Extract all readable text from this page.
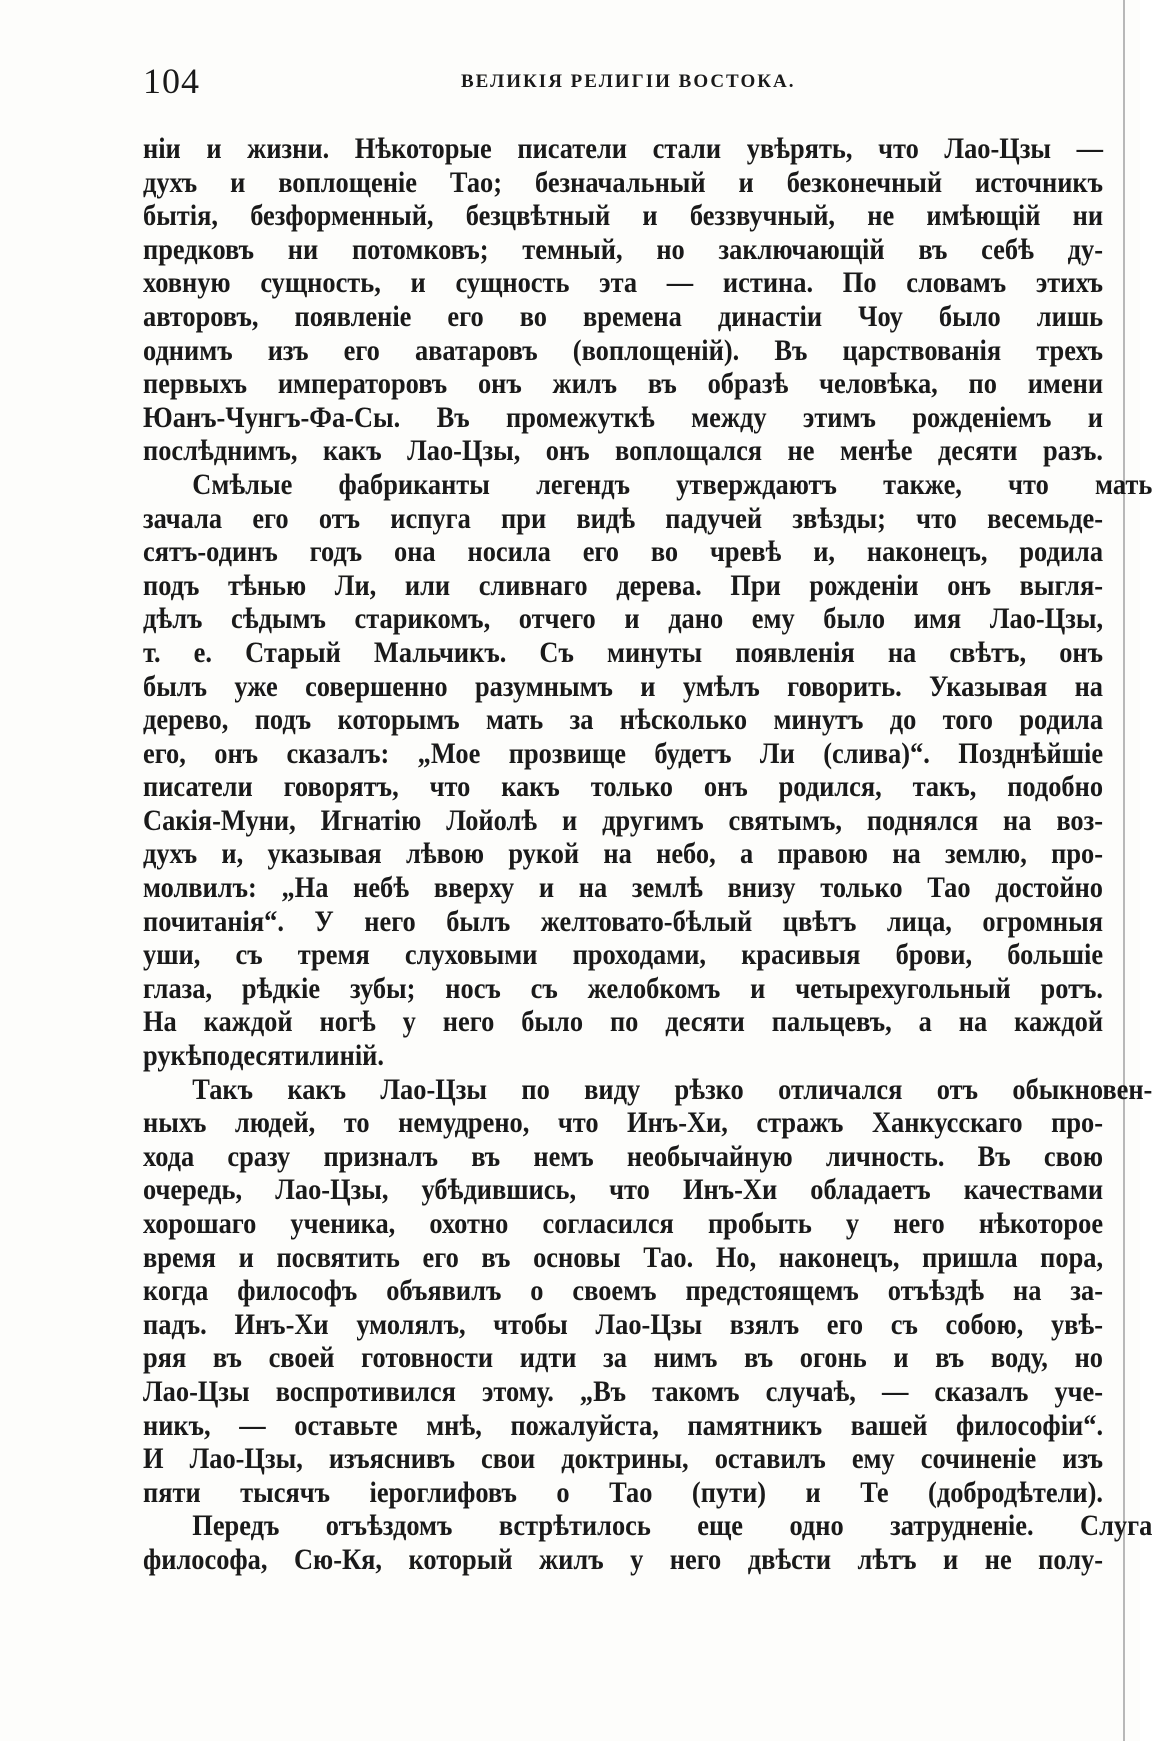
104	ВЕЛИКІЯ РЕЛИГІИ ВОСТОКА.
ніи и жизни. Нѣкоторые писатели стали увѣрять, что Лао-Цзы —
духъ и воплощеніе Тао; безначальный и безконечный источникъ
бытія, безформенный, безцвѣтный и беззвучный, не имѣющій ни
предковъ ни потомковъ; темный, но заключающій въ себѣ ду-
ховную сущность, и сущность эта — истина. По словамъ этихъ
авторовъ, появленіе его во времена династіи Чоу было лишь
однимъ изъ его аватаровъ (воплощеній). Въ царствованія трехъ
первыхъ императоровъ онъ жилъ въ образѣ человѣка, по имени
Юанъ-Чунгъ-Фа-Сы. Въ промежуткѣ между этимъ рожденіемъ и
послѣднимъ, какъ Лао-Цзы, онъ воплощался не менѣе десяти разъ.
Смѣлые фабриканты легендъ утверждаютъ также, что мать
зачала его отъ испуга при видѣ падучей звѣзды; что весемьде-
сятъ-одинъ годъ она носила его во чревѣ и, наконецъ, родила
подъ тѣнью Ли, или сливнаго дерева. При рожденіи онъ выгля-
дѣлъ сѣдымъ старикомъ, отчего и дано ему было имя Лао-Цзы,
т. е. Старый Мальчикъ. Съ минуты появленія на свѣтъ, онъ
былъ уже совершенно разумнымъ и умѣлъ говорить. Указывая на
дерево, подъ которымъ мать за нѣсколько минутъ до того родила
его, онъ сказалъ: „Мое прозвище будетъ Ли (слива)“. Позднѣйшіе
писатели говорятъ, что какъ только онъ родился, такъ, подобно
Сакія-Муни, Игнатію Лойолѣ и другимъ святымъ, поднялся на воз-
духъ и, указывая лѣвою рукой на небо, а правою на землю, про-
молвилъ: „На небѣ вверху и на землѣ внизу только Тао достойно
почитанія“. У него былъ желтовато-бѣлый цвѣтъ лица, огромныя
уши, съ тремя слуховыми проходами, красивыя брови, большіе
глаза, рѣдкіе зубы; носъ съ желобкомъ и четырехугольный ротъ.
На каждой ногѣ у него было по десяти пальцевъ, а на каждой
рукѣ по десяти линій.
Такъ какъ Лао-Цзы по виду рѣзко отличался отъ обыкновен-
ныхъ людей, то немудрено, что Инъ-Хи, стражъ Ханкусскаго про-
хода сразу призналъ въ немъ необычайную личность. Въ свою
очередь, Лао-Цзы, убѣдившись, что Инъ-Хи обладаетъ качествами
хорошаго ученика, охотно согласился пробыть у него нѣкоторое
время и посвятить его въ основы Тао. Но, наконецъ, пришла пора,
когда философъ объявилъ о своемъ предстоящемъ отъѣздѣ на за-
падъ. Инъ-Хи умолялъ, чтобы Лао-Цзы взялъ его съ собою, увѣ-
ряя въ своей готовности идти за нимъ въ огонь и въ воду, но
Лао-Цзы воспротивился этому. „Въ такомъ случаѣ, — сказалъ уче-
никъ, — оставьте мнѣ, пожалуйста, памятникъ вашей философіи“.
И Лао-Цзы, изъяснивъ свои доктрины, оставилъ ему сочиненіе изъ
пяти тысячъ іероглифовъ о Тао (пути) и Те (добродѣтели).
Передъ отъѣздомъ встрѣтилось еще одно затрудненіе. Слуга
философа, Сю-Кя, который жилъ у него двѣсти лѣтъ и не полу-
